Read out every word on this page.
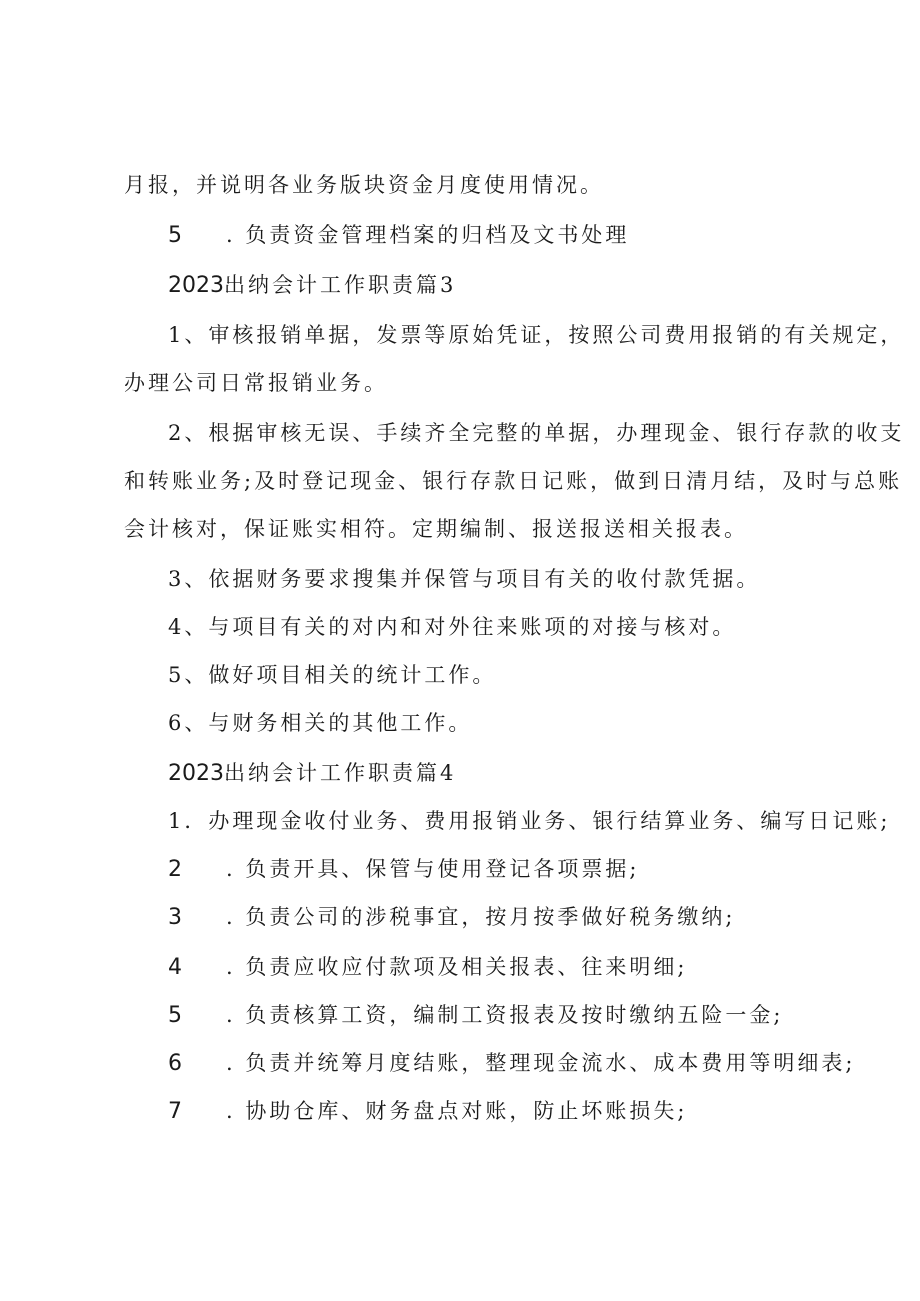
月报，并说明各业务版块资金月度使用情况。
5 . 负责资金管理档案的归档及文书处理
2023出纳会计工作职责篇3
1、审核报销单据，发票等原始凭证，按照公司费用报销的有关规定，
办理公司日常报销业务。
2、根据审核无误、手续齐全完整的单据，办理现金、银行存款的收支
和转账业务;及时登记现金、银行存款日记账，做到日清月结，及时与总账
会计核对，保证账实相符。定期编制、报送报送相关报表。
3、依据财务要求搜集并保管与项目有关的收付款凭据。
4、与项目有关的对内和对外往来账项的对接与核对。
5、做好项目相关的统计工作。
6、与财务相关的其他工作。
2023出纳会计工作职责篇4
1．办理现金收付业务、费用报销业务、银行结算业务、编写日记账;
2 . 负责开具、保管与使用登记各项票据;
3 . 负责公司的涉税事宜，按月按季做好税务缴纳;
4 . 负责应收应付款项及相关报表、往来明细;
5 . 负责核算工资，编制工资报表及按时缴纳五险一金;
6 . 负责并统筹月度结账，整理现金流水、成本费用等明细表;
7 . 协助仓库、财务盘点对账，防止坏账损失;
